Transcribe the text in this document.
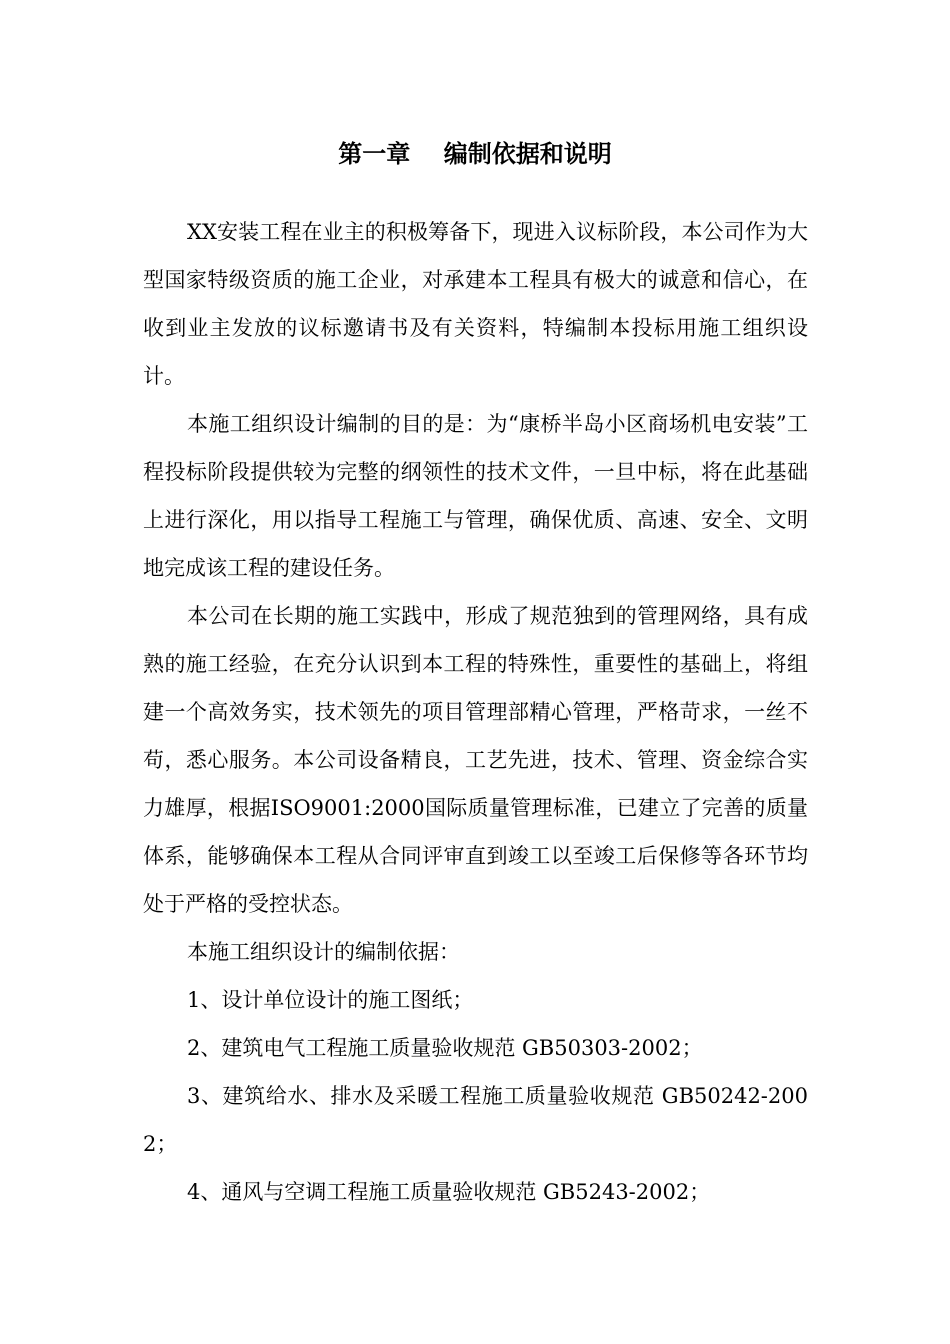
第一章    编制依据和说明

XX安装工程在业主的积极筹备下，现进入议标阶段，本公司作为大型国家特级资质的施工企业，对承建本工程具有极大的诚意和信心，在收到业主发放的议标邀请书及有关资料，特编制本投标用施工组织设计。

本施工组织设计编制的目的是：为“康桥半岛小区商场机电安装”工程投标阶段提供较为完整的纲领性的技术文件，一旦中标，将在此基础上进行深化，用以指导工程施工与管理，确保优质、高速、安全、文明地完成该工程的建设任务。

本公司在长期的施工实践中，形成了规范独到的管理网络，具有成熟的施工经验，在充分认识到本工程的特殊性，重要性的基础上，将组建一个高效务实，技术领先的项目管理部精心管理，严格苛求，一丝不苟，悉心服务。本公司设备精良，工艺先进，技术、管理、资金综合实力雄厚，根据ISO9001:2000国际质量管理标准，已建立了完善的质量体系，能够确保本工程从合同评审直到竣工以至竣工后保修等各环节均处于严格的受控状态。

本施工组织设计的编制依据：

1、设计单位设计的施工图纸；

2、建筑电气工程施工质量验收规范 GB50303-2002；

3、建筑给水、排水及采暖工程施工质量验收规范 GB50242-2002；

4、通风与空调工程施工质量验收规范 GB5243-2002；
